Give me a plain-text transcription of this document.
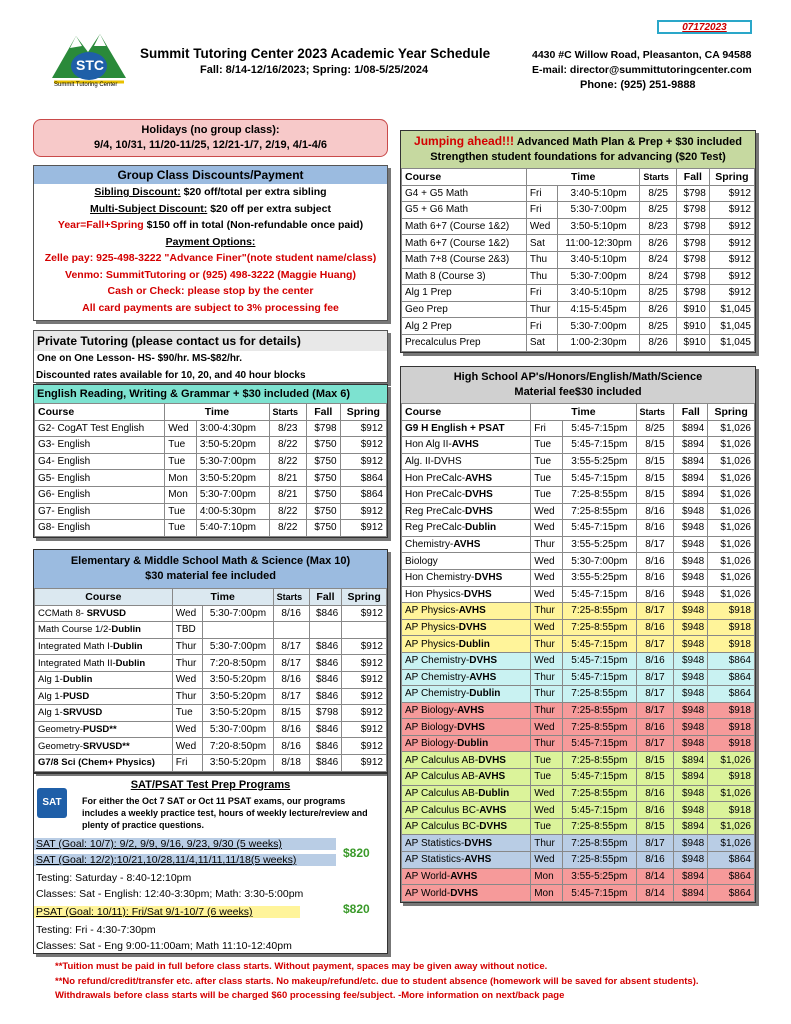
07172023
STC
Summit Tutoring Center
Summit Tutoring Center 2023 Academic Year Schedule
Fall: 8/14-12/16/2023; Spring: 1/08-5/25/2024
4430 #C Willow Road, Pleasanton, CA 94588
E-mail: director@summittutoringcenter.com
Phone: (925) 251-9888
Holidays (no group class):
9/4, 10/31, 11/20-11/25, 12/21-1/7, 2/19, 4/1-4/6
Group Class Discounts/Payment
Sibling Discount: $20 off/total per extra sibling
Multi-Subject Discount: $20 off per extra subject
Year=Fall+Spring $150 off in total (Non-refundable once paid)
Payment Options:
Zelle pay: 925-498-3222 "Advance Finer"(note student name/class)
Venmo: SummitTutoring or (925) 498-3222 (Maggie Huang)
Cash or Check: please stop by the center
All card payments are subject to 3% processing fee
Private Tutoring (please contact us for details)
One on One Lesson- HS- $90/hr. MS-$82/hr.
Discounted rates available for 10, 20, and 40 hour blocks
English Reading, Writing & Grammar + $30 included (Max 6)
Course	Time		Starts	Fall	Spring
G2- CogAT Test English	Wed	3:00-4:30pm	8/23	$798	$912
G3- English	Tue	3:50-5:20pm	8/22	$750	$912
G4- English	Tue	5:30-7:00pm	8/22	$750	$912
G5- English	Mon	3:50-5:20pm	8/21	$750	$864
G6- English	Mon	5:30-7:00pm	8/21	$750	$864
G7- English	Tue	4:00-5:30pm	8/22	$750	$912
G8- English	Tue	5:40-7:10pm	8/22	$750	$912
Elementary & Middle School Math & Science (Max 10)
$30 material fee included
Course	Time		Starts	Fall	Spring
CCMath 8- SRVUSD	Wed	5:30-7:00pm	8/16	$846	$912
Math Course 1/2-Dublin	TBD				
Integrated Math I-Dublin	Thur	5:30-7:00pm	8/17	$846	$912
Integrated Math II-Dublin	Thur	7:20-8:50pm	8/17	$846	$912
Alg 1-Dublin	Wed	3:50-5:20pm	8/16	$846	$912
Alg 1-PUSD	Thur	3:50-5:20pm	8/17	$846	$912
Alg 1-SRVUSD	Tue	3:50-5:20pm	8/15	$798	$912
Geometry-PUSD**	Wed	5:30-7:00pm	8/16	$846	$912
Geometry-SRVUSD**	Wed	7:20-8:50pm	8/16	$846	$912
G7/8 Sci (Chem+ Physics)	Fri	3:50-5:20pm	8/18	$846	$912
SAT
SAT/PSAT Test Prep Programs
For either the Oct 7 SAT or Oct 11 PSAT exams, our programs includes a weekly practice test, hours of weekly lecture/review and plenty of practice questions.
SAT (Goal: 10/7): 9/2, 9/9, 9/16, 9/23, 9/30 (5 weeks)
SAT (Goal: 12/2):10/21,10/28,11/4,11/11,11/18(5 weeks)	$820
Testing: Saturday - 8:40-12:10pm
Classes: Sat - English: 12:40-3:30pm; Math: 3:30-5:00pm
PSAT (Goal: 10/11): Fri/Sat 9/1-10/7 (6 weeks)	$820
Testing: Fri - 4:30-7:30pm
Classes: Sat - Eng 9:00-11:00am; Math 11:10-12:40pm
Jumping ahead!!! Advanced Math Plan & Prep + $30 included
Strengthen student foundations for advancing ($20 Test)
Course	Time		Starts	Fall	Spring
G4 + G5 Math	Fri	3:40-5:10pm	8/25	$798	$912
G5 + G6 Math	Fri	5:30-7:00pm	8/25	$798	$912
Math 6+7 (Course 1&2)	Wed	3:50-5:10pm	8/23	$798	$912
Math 6+7 (Course 1&2)	Sat	11:00-12:30pm	8/26	$798	$912
Math 7+8 (Course 2&3)	Thu	3:40-5:10pm	8/24	$798	$912
Math 8 (Course 3)	Thu	5:30-7:00pm	8/24	$798	$912
Alg 1 Prep	Fri	3:40-5:10pm	8/25	$798	$912
Geo Prep	Thur	4:15-5:45pm	8/26	$910	$1,045
Alg 2 Prep	Fri	5:30-7:00pm	8/25	$910	$1,045
Precalculus Prep	Sat	1:00-2:30pm	8/26	$910	$1,045
High School AP's/Honors/English/Math/Science
Material fee$30 included
Course	Time		Starts	Fall	Spring
G9 H English + PSAT	Fri	5:45-7:15pm	8/25	$894	$1,026
Hon Alg II-AVHS	Tue	5:45-7:15pm	8/15	$894	$1,026
Alg. II-DVHS	Tue	3:55-5:25pm	8/15	$894	$1,026
Hon PreCalc-AVHS	Tue	5:45-7:15pm	8/15	$894	$1,026
Hon PreCalc-DVHS	Tue	7:25-8:55pm	8/15	$894	$1,026
Reg PreCalc-DVHS	Wed	7:25-8:55pm	8/16	$948	$1,026
Reg PreCalc-Dublin	Wed	5:45-7:15pm	8/16	$948	$1,026
Chemistry-AVHS	Thur	3:55-5:25pm	8/17	$948	$1,026
Biology	Wed	5:30-7:00pm	8/16	$948	$1,026
Hon Chemistry-DVHS	Wed	3:55-5:25pm	8/16	$948	$1,026
Hon Physics-DVHS	Wed	5:45-7:15pm	8/16	$948	$1,026
AP Physics-AVHS	Thur	7:25-8:55pm	8/17	$948	$918
AP Physics-DVHS	Wed	7:25-8:55pm	8/16	$948	$918
AP Physics-Dublin	Thur	5:45-7:15pm	8/17	$948	$918
AP Chemistry-DVHS	Wed	5:45-7:15pm	8/16	$948	$864
AP Chemistry-AVHS	Thur	5:45-7:15pm	8/17	$948	$864
AP Chemistry-Dublin	Thur	7:25-8:55pm	8/17	$948	$864
AP Biology-AVHS	Thur	7:25-8:55pm	8/17	$948	$918
AP Biology-DVHS	Wed	7:25-8:55pm	8/16	$948	$918
AP Biology-Dublin	Thur	5:45-7:15pm	8/17	$948	$918
AP Calculus AB-DVHS	Tue	7:25-8:55pm	8/15	$894	$1,026
AP Calculus AB-AVHS	Tue	5:45-7:15pm	8/15	$894	$918
AP Calculus AB-Dublin	Wed	7:25-8:55pm	8/16	$948	$1,026
AP Calculus BC-AVHS	Wed	5:45-7:15pm	8/16	$948	$918
AP Calculus BC-DVHS	Tue	7:25-8:55pm	8/15	$894	$1,026
AP Statistics-DVHS	Thur	7:25-8:55pm	8/17	$948	$1,026
AP Statistics-AVHS	Wed	7:25-8:55pm	8/16	$948	$864
AP World-AVHS	Mon	3:55-5:25pm	8/14	$894	$864
AP World-DVHS	Mon	5:45-7:15pm	8/14	$894	$864
**Tuition must be paid in full before class starts. Without payment, spaces may be given away without notice.
**No refund/credit/transfer etc. after class starts. No makeup/refund/etc. due to student absence (homework will be saved for absent students). Withdrawals before class starts will be charged $60 processing fee/subject. -More information on next/back page
